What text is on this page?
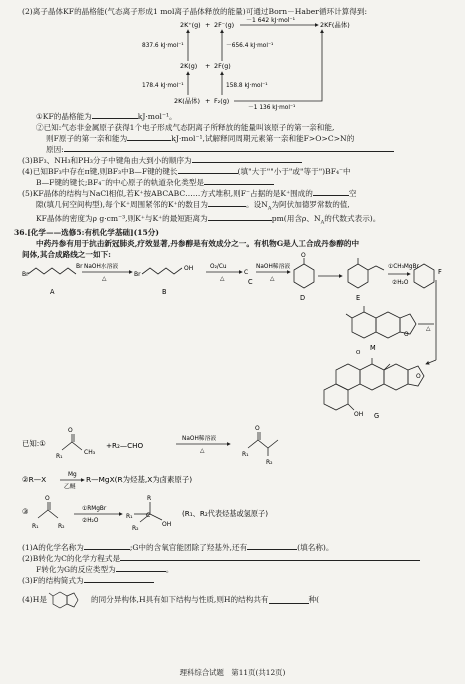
(2)离子晶体KF的晶格能(气态离子形成1 mol离子晶体释放的能量)可通过Born－Haber循环计算得到:
2K⁺(g) + 2F⁻(g)
－1 642 kJ·mol⁻¹
2KF(晶体)
837.6 kJ·mol⁻¹	－656.4 kJ·mol⁻¹
2K(g) + 2F(g)
178.4 kJ·mol⁻¹	158.8 kJ·mol⁻¹
2K(晶体) + F₂(g)
－1 136 kJ·mol⁻¹
①KF的晶格能为	kJ·mol⁻¹。
②已知:气态非金属原子获得1个电子形成气态阴离子所释放的能量叫该原子的第一亲和能,
则F原子的第一亲和能为	kJ·mol⁻¹,试解释同周期元素第一亲和能F>O>C>N的
原因:
(3)BF₃、NH₃和PH₃分子中键角由大到小的顺序为
(4)已知BF₃中存在π键,则BF₃中B—F键的键长	(填"大于""小于"或"等于")BF₄⁻中
B—F键的键长;BF₄⁻的中心原子的轨道杂化类型是
(5)KF晶体的结构与NaCl相似,若K⁺按ABCABC……方式堆积,则F⁻占据的是K⁺围成的	空
隙(填几何空间构型),每个K⁺周围紧邻的K⁺的数目为	。设$N_A$为阿伏加德罗常数的值,
KF晶体的密度为ρ g·cm⁻³,则K⁺与K⁺的最短距离为	pm(用含ρ、$N_A$的代数式表示)。
36.[化学——选修5:有机化学基础](15分)
中药丹参有用于抗击新冠肺炎,疗效显著,丹参醇是有效成分之一。有机物G是人工合成丹参醇的中
间体,其合成路线之一如下:
NaOH水溶液
△
O₂/Cu
△
NaOH稀溶液
△
①CH₃MgBr
②H₂O
△
Br
Br
Br
OH
C
O
O
O
O
OH
A	B
C
D	E
F
M
G
已知:①
O	O
O
R₁
CH₃
+R₂—CHO
NaOH稀溶液
△	R₁
R₂
②R—X	Mg
乙醚
R—MgX(R为烃基,X为卤素原子)
③
R₁	R₂
①RMgBr
②H₂O
R₁
R
C
OH
R₂
(R₁、R₂代表烃基或氢原子)
(1)A的化学名称为	;G中的含氧官能团除了羟基外,还有	(填名称)。
(2)B转化为C的化学方程式是
F转化为G的反应类型为	。
(3)F的结构简式为
(4)H是	的同分异构体,H具有如下结构与性质,则H的结构共有	种(
理科综合试题　第11页(共12页)
